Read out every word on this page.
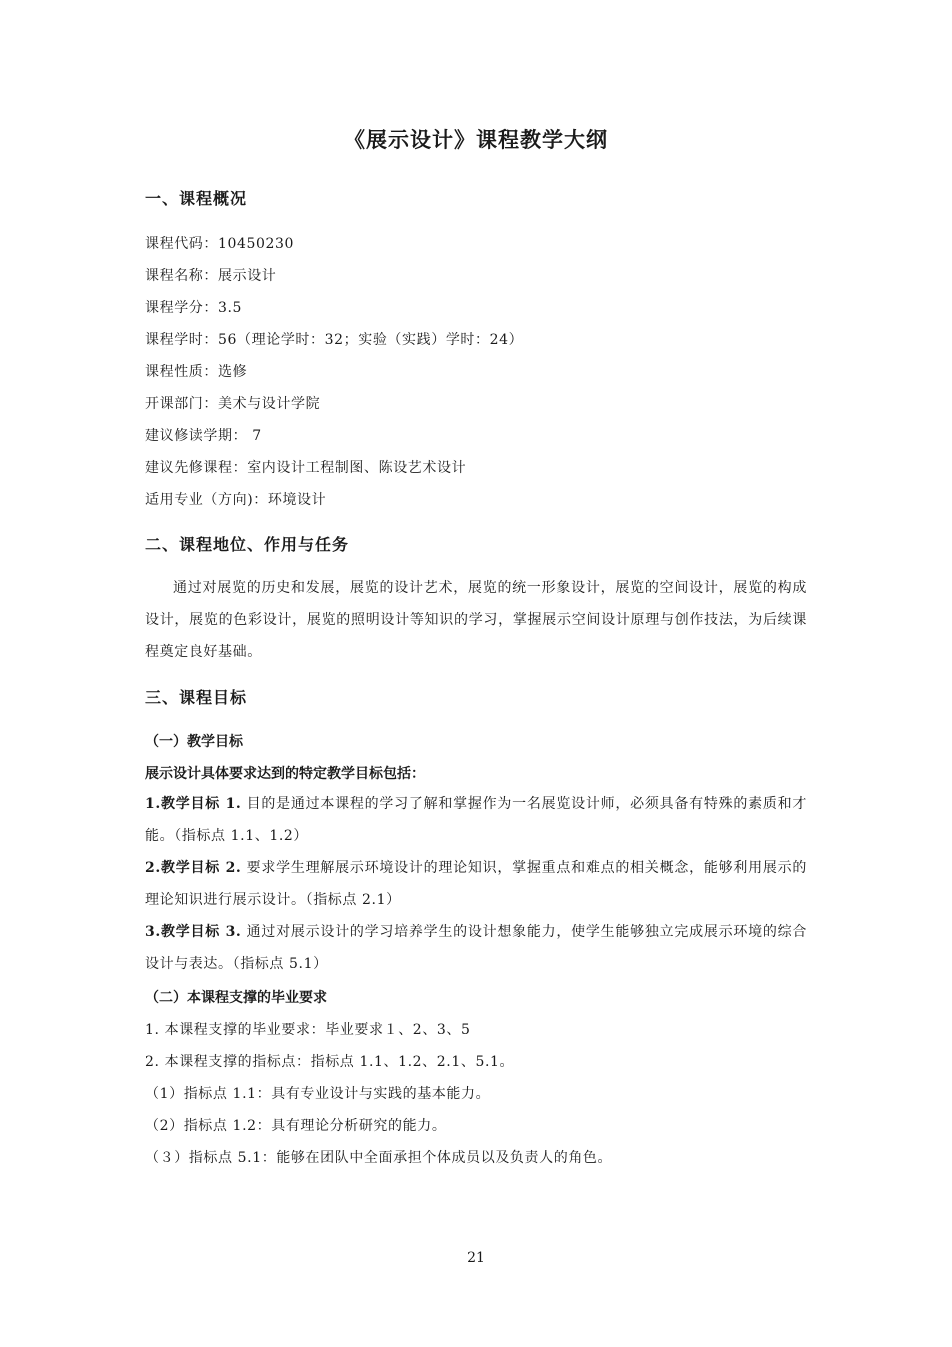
《展示设计》课程教学大纲
一、课程概况
课程代码：10450230
课程名称：展示设计
课程学分：3.5
课程学时：56（理论学时：32；实验（实践）学时：24）
课程性质：选修
开课部门：美术与设计学院
建议修读学期： 7
建议先修课程：室内设计工程制图、陈设艺术设计
适用专业（方向)：环境设计
二、课程地位、作用与任务
通过对展览的历史和发展，展览的设计艺术，展览的统一形象设计，展览的空间设计，展览的构成设计，展览的色彩设计，展览的照明设计等知识的学习，掌握展示空间设计原理与创作技法，为后续课程奠定良好基础。
三、课程目标
（一）教学目标
展示设计具体要求达到的特定教学目标包括：
1.教学目标 1. 目的是通过本课程的学习了解和掌握作为一名展览设计师，必须具备有特殊的素质和才能。（指标点 1.1、1.2）
2.教学目标 2. 要求学生理解展示环境设计的理论知识，掌握重点和难点的相关概念，能够利用展示的理论知识进行展示设计。（指标点 2.1）
3.教学目标 3. 通过对展示设计的学习培养学生的设计想象能力，使学生能够独立完成展示环境的综合设计与表达。（指标点 5.1）
（二）本课程支撑的毕业要求
1. 本课程支撑的毕业要求：毕业要求１、2、3、5
2. 本课程支撑的指标点：指标点 1.1、1.2、2.1、5.1。
（1）指标点 1.1：具有专业设计与实践的基本能力。
（2）指标点 1.2：具有理论分析研究的能力。
（３）指标点 5.1：能够在团队中全面承担个体成员以及负责人的角色。
21
